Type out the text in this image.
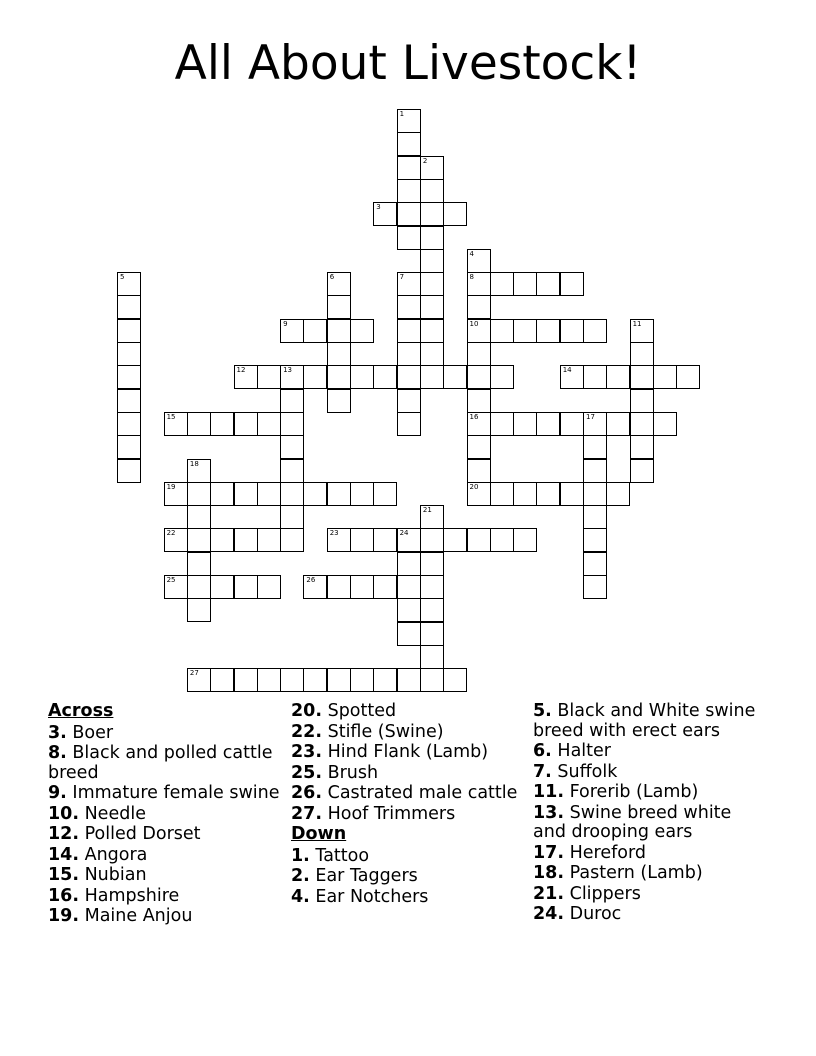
All About Livestock!
1
2
3
4
8
10
16
5	6	7
9	11
12	13	14
15	17
18
19	20
21
22	23	24
25	26
27
Across
3. Boer
8. Black and polled cattle breed
9. Immature female swine
10. Needle
12. Polled Dorset
14. Angora
15. Nubian
16. Hampshire
19. Maine Anjou
20. Spotted
22. Stifle (Swine)
23. Hind Flank (Lamb)
25. Brush
26. Castrated male cattle
27. Hoof Trimmers
Down
1. Tattoo
2. Ear Taggers
4. Ear Notchers
5. Black and White swine breed with erect ears
6. Halter
7. Suffolk
11. Forerib (Lamb)
13. Swine breed white and drooping ears
17. Hereford
18. Pastern (Lamb)
21. Clippers
24. Duroc
